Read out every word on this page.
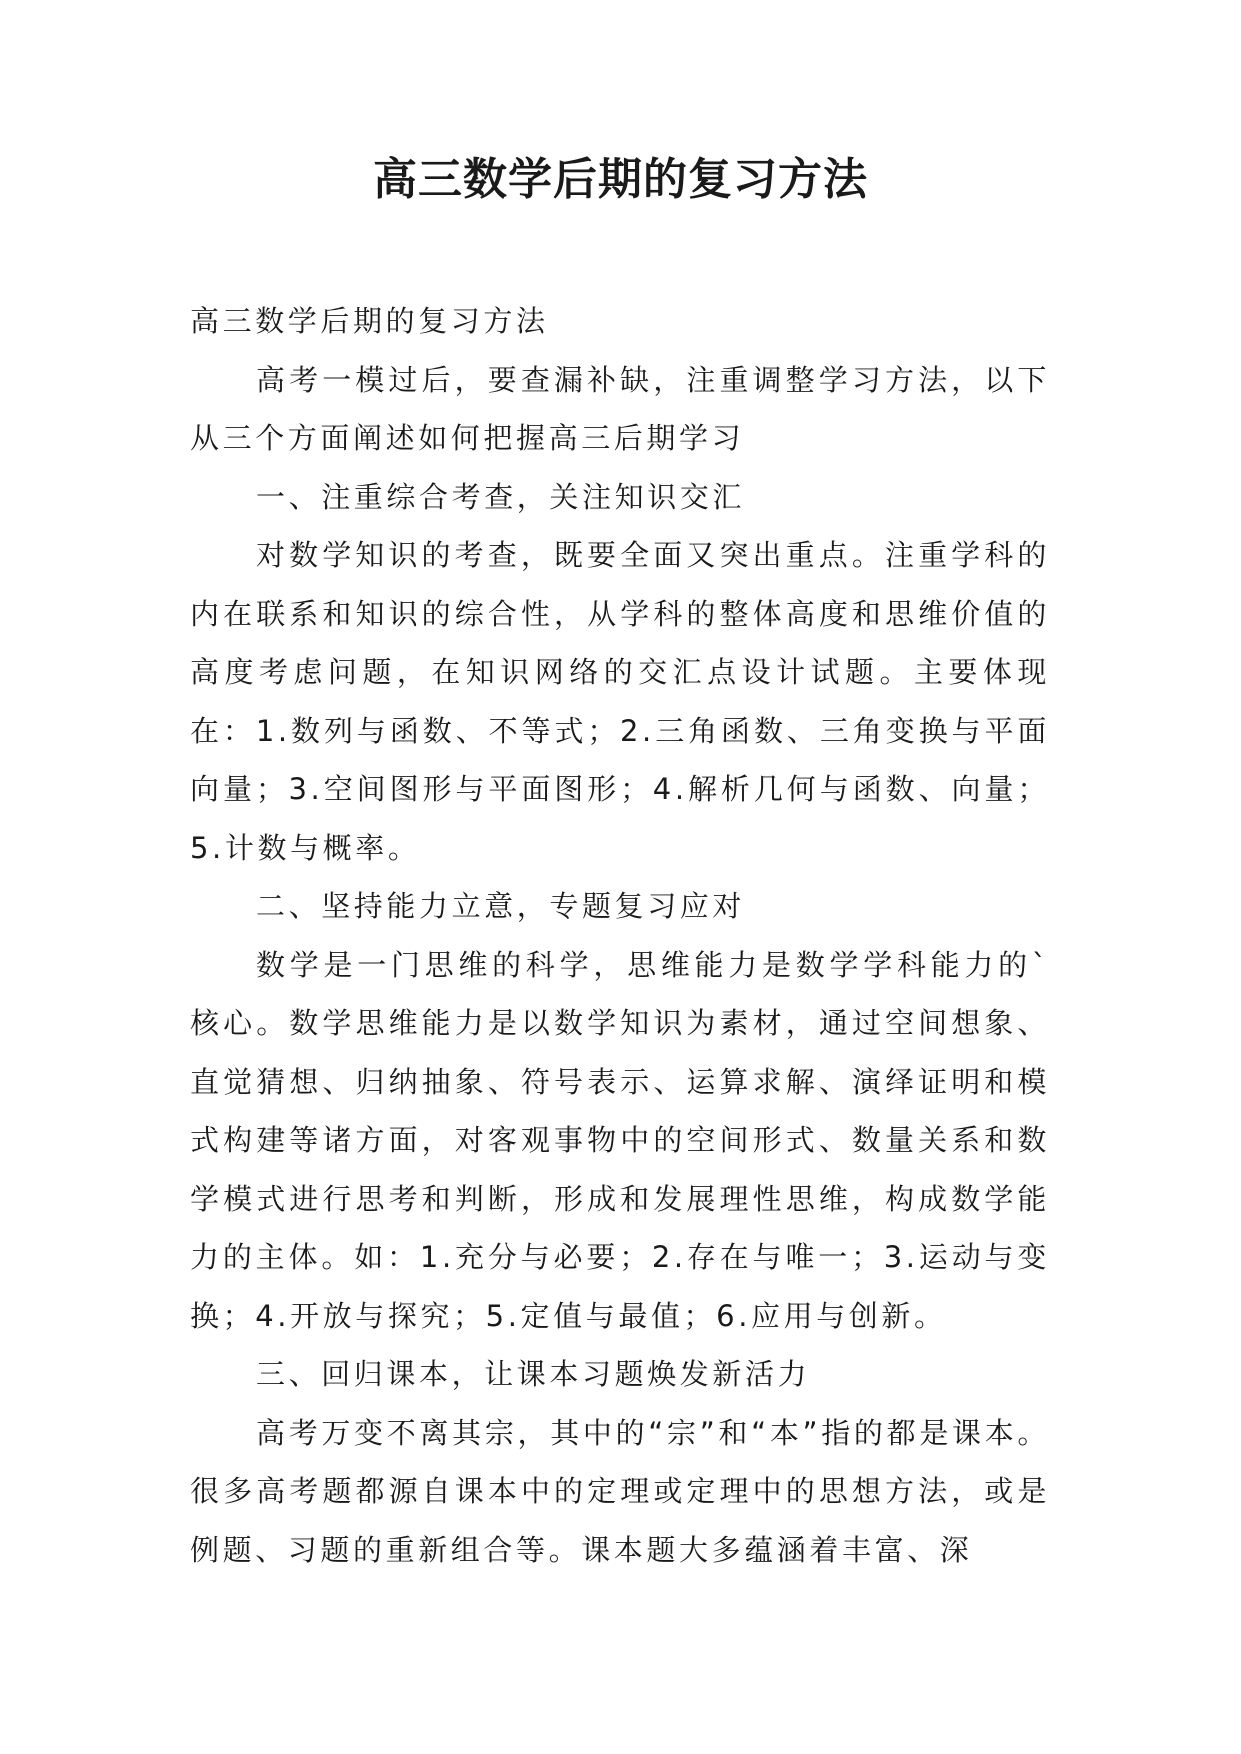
高三数学后期的复习方法

高三数学后期的复习方法

高考一模过后，要查漏补缺，注重调整学习方法，以下从三个方面阐述如何把握高三后期学习

一、注重综合考查，关注知识交汇

对数学知识的考查，既要全面又突出重点。注重学科的内在联系和知识的综合性，从学科的整体高度和思维价值的高度考虑问题，在知识网络的交汇点设计试题。主要体现在：1.数列与函数、不等式；2.三角函数、三角变换与平面向量；3.空间图形与平面图形；4.解析几何与函数、向量；5.计数与概率。

二、坚持能力立意，专题复习应对

数学是一门思维的科学，思维能力是数学学科能力的`核心。数学思维能力是以数学知识为素材，通过空间想象、直觉猜想、归纳抽象、符号表示、运算求解、演绎证明和模式构建等诸方面，对客观事物中的空间形式、数量关系和数学模式进行思考和判断，形成和发展理性思维，构成数学能力的主体。如：1.充分与必要；2.存在与唯一；3.运动与变换；4.开放与探究；5.定值与最值；6.应用与创新。

三、回归课本，让课本习题焕发新活力

高考万变不离其宗，其中的“宗”和“本”指的都是课本。很多高考题都源自课本中的定理或定理中的思想方法，或是例题、习题的重新组合等。课本题大多蕴涵着丰富、深
